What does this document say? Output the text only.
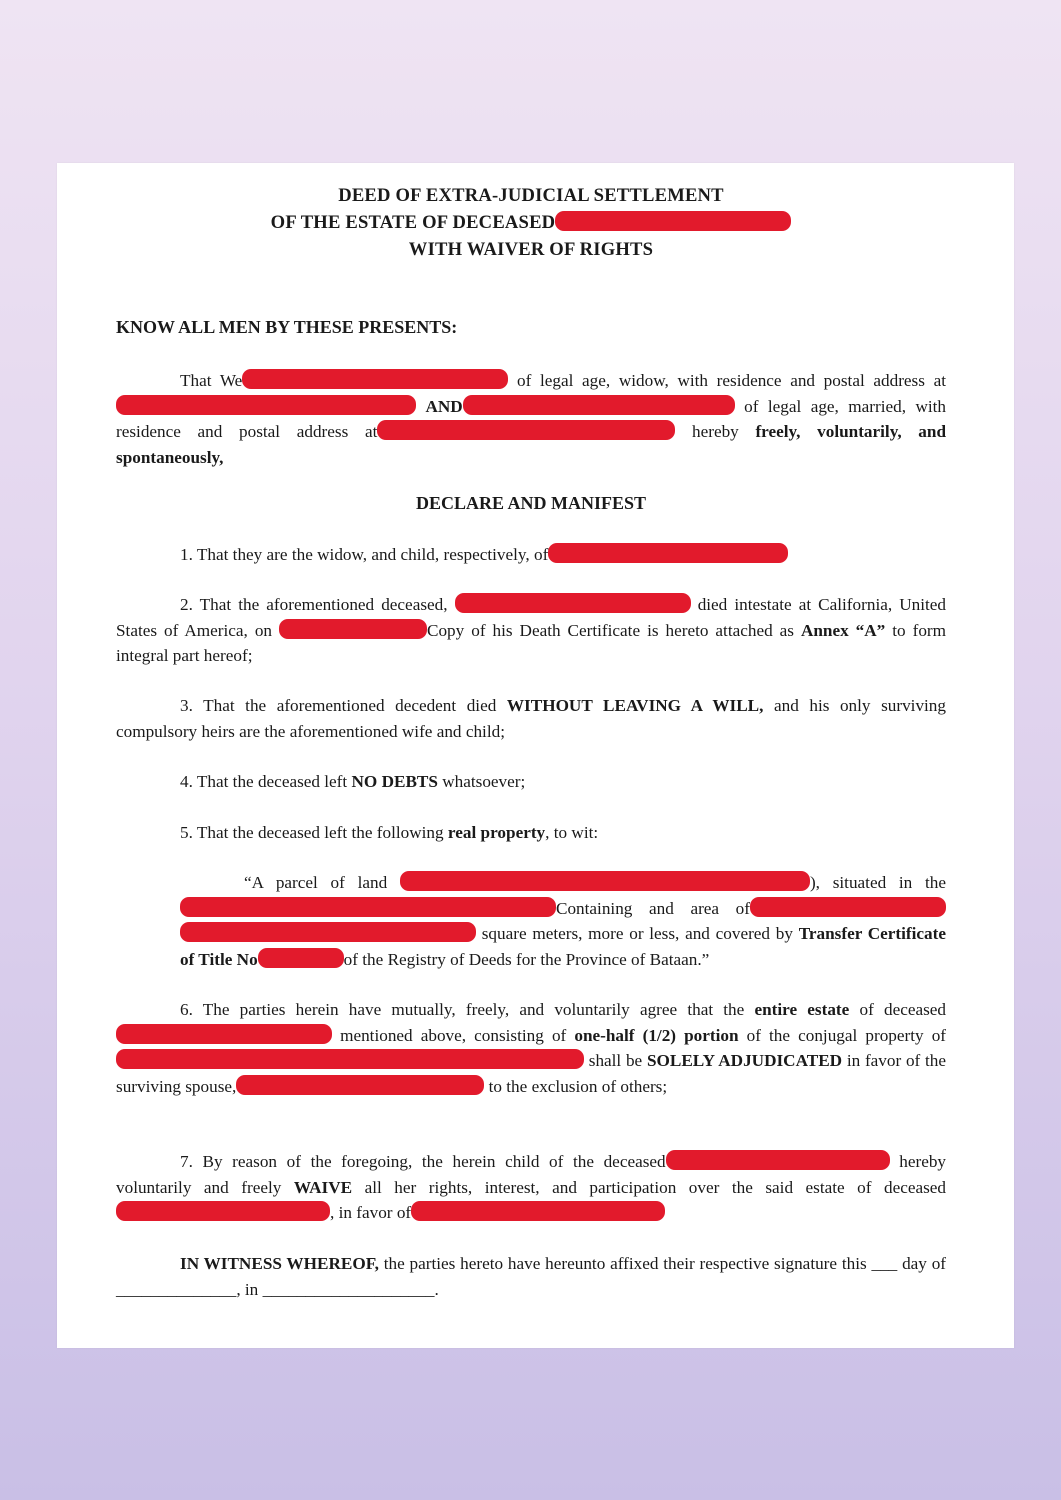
DEED OF EXTRA-JUDICIAL SETTLEMENT
OF THE ESTATE OF DECEASED
WITH WAIVER OF RIGHTS
KNOW ALL MEN BY THESE PRESENTS:
That We	of legal age, widow, with residence and postal address at  AND	of legal age, married, with residence and postal address at	hereby freely, voluntarily, and spontaneously,
DECLARE AND MANIFEST
1. That they are the widow, and child, respectively, of
2. That the aforementioned deceased,	died intestate at California, United States of America, on	Copy of his Death Certificate is hereto attached as Annex “A” to form integral part hereof;
3. That the aforementioned decedent died WITHOUT LEAVING A WILL, and his only surviving compulsory heirs are the aforementioned wife and child;
4. That the deceased left NO DEBTS whatsoever;
5. That the deceased left the following real property, to wit:
“A parcel of land	), situated in the Containing and area of  square meters, more or less, and covered by Transfer Certificate of Title No	of the Registry of Deeds for the Province of Bataan.”
6. The parties herein have mutually, freely, and voluntarily agree that the entire estate of deceased mentioned above, consisting of one-half (1/2) portion of the conjugal property of  shall be SOLELY ADJUDICATED in favor of the surviving spouse,	to the exclusion of others;
7. By reason of the foregoing, the herein child of the deceased	hereby voluntarily and freely WAIVE all her rights, interest, and participation over the said estate of deceased, in favor of
IN WITNESS WHEREOF, the parties hereto have hereunto affixed their respective signature this ___ day of ______________, in ____________________.
